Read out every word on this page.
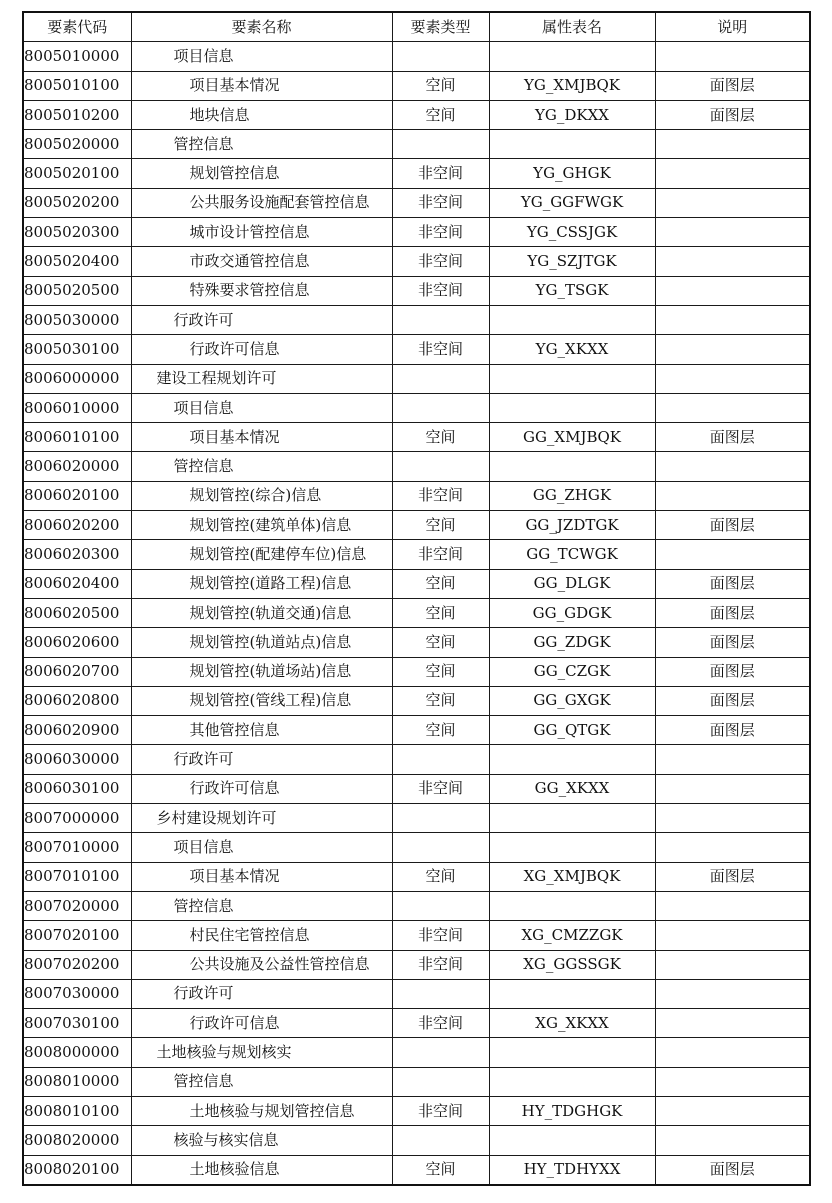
要素代码	要素名称	要素类型	属性表名	说明
8005010000	项目信息			
8005010100	项目基本情况	空间	YG_XMJBQK	面图层
8005010200	地块信息	空间	YG_DKXX	面图层
8005020000	管控信息			
8005020100	规划管控信息	非空间	YG_GHGK	
8005020200	公共服务设施配套管控信息	非空间	YG_GGFWGK	
8005020300	城市设计管控信息	非空间	YG_CSSJGK	
8005020400	市政交通管控信息	非空间	YG_SZJTGK	
8005020500	特殊要求管控信息	非空间	YG_TSGK	
8005030000	行政许可			
8005030100	行政许可信息	非空间	YG_XKXX	
8006000000	建设工程规划许可			
8006010000	项目信息			
8006010100	项目基本情况	空间	GG_XMJBQK	面图层
8006020000	管控信息			
8006020100	规划管控(综合)信息	非空间	GG_ZHGK	
8006020200	规划管控(建筑单体)信息	空间	GG_JZDTGK	面图层
8006020300	规划管控(配建停车位)信息	非空间	GG_TCWGK	
8006020400	规划管控(道路工程)信息	空间	GG_DLGK	面图层
8006020500	规划管控(轨道交通)信息	空间	GG_GDGK	面图层
8006020600	规划管控(轨道站点)信息	空间	GG_ZDGK	面图层
8006020700	规划管控(轨道场站)信息	空间	GG_CZGK	面图层
8006020800	规划管控(管线工程)信息	空间	GG_GXGK	面图层
8006020900	其他管控信息	空间	GG_QTGK	面图层
8006030000	行政许可			
8006030100	行政许可信息	非空间	GG_XKXX	
8007000000	乡村建设规划许可			
8007010000	项目信息			
8007010100	项目基本情况	空间	XG_XMJBQK	面图层
8007020000	管控信息			
8007020100	村民住宅管控信息	非空间	XG_CMZZGK	
8007020200	公共设施及公益性管控信息	非空间	XG_GGSSGK	
8007030000	行政许可			
8007030100	行政许可信息	非空间	XG_XKXX	
8008000000	土地核验与规划核实			
8008010000	管控信息			
8008010100	土地核验与规划管控信息	非空间	HY_TDGHGK	
8008020000	核验与核实信息			
8008020100	土地核验信息	空间	HY_TDHYXX	面图层
